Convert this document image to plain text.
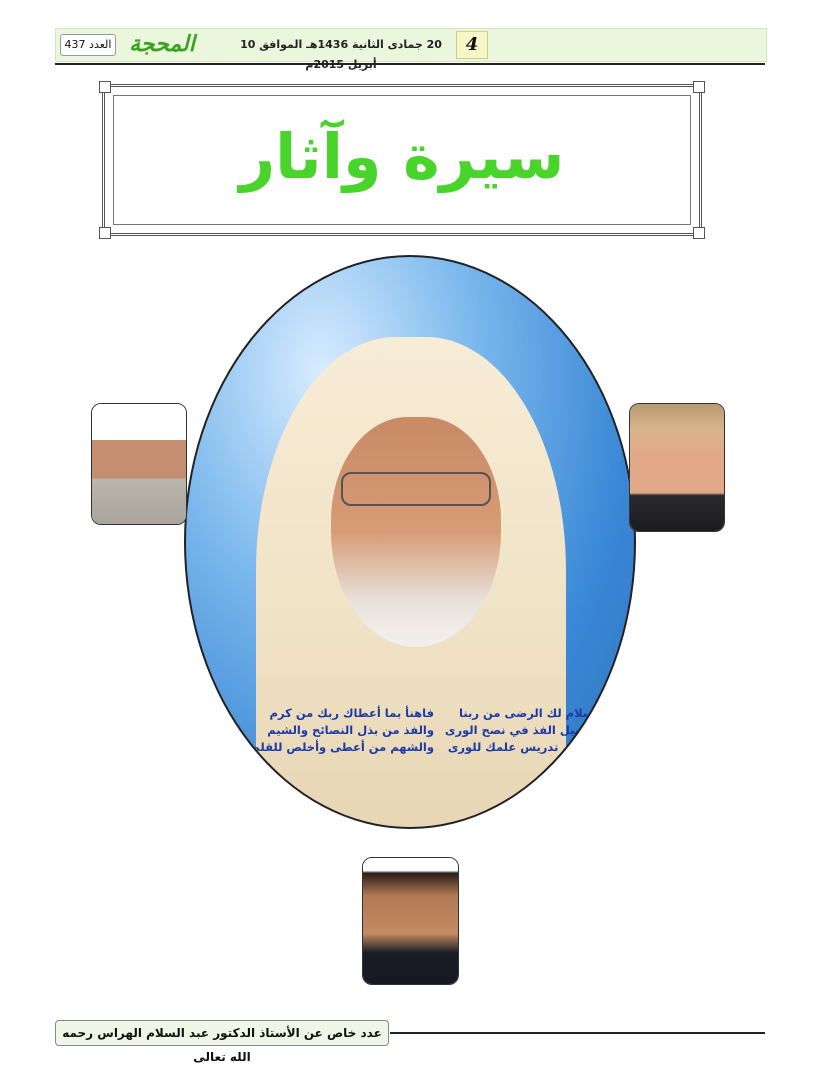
العدد 437 المحجة	20 جمادى الثانية 1436هـ الموافق 10	4
سيرة وآثار
عبد السلام لك الرضى من ربنا
كنت الأصيل الفذ في نصح الورى
أخلصت في تدريس علمك للورى
فاهنأ بما أعطاك ربك من كرم
والفذ من بذل النصائح والشيم
والشهم من أعطى وأخلص للقلم
عدد خاص عن الأستاذ الدكتور عبد السلام الهراس رحمه الله تعالى
